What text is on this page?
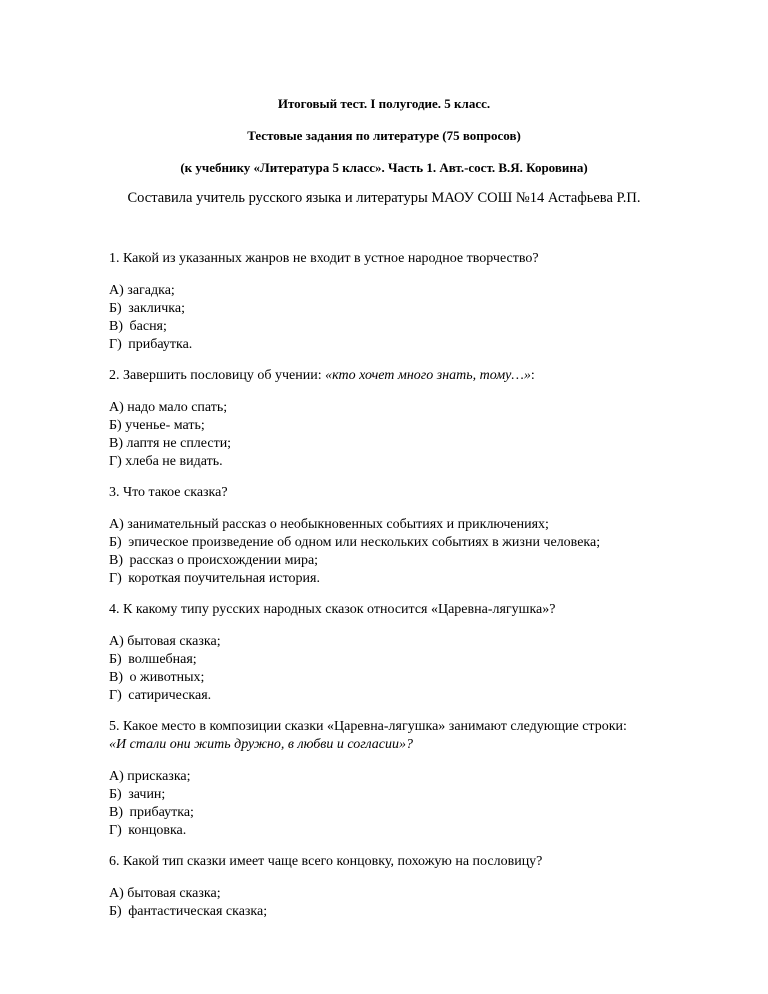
Итоговый тест. I полугодие. 5 класс.
Тестовые задания по литературе (75 вопросов)
(к учебнику «Литература 5 класс». Часть 1. Авт.-сост. В.Я. Коровина)
Составила учитель русского языка и литературы МАОУ СОШ №14 Астафьева Р.П.
1 . Какой из указанных жанров не входит в устное народное творчество?
А ) загадка;
Б ) закличка;
В ) басня;
Г ) прибаутка.
2 . Завершить пословицу об учении: «кто хочет много знать, тому…»:
А ) надо мало спать;
Б ) ученье- мать;
В ) лаптя не сплести;
Г ) хлеба не видать.
3 . Что такое сказка?
А ) занимательный рассказ о необыкновенных событиях и приключениях;
Б ) эпическое произведение об одном или нескольких событиях в жизни человека;
В ) рассказ о происхождении мира;
Г ) короткая поучительная история.
4 . К какому типу русских народных сказок относится «Царевна-лягушка»?
А ) бытовая сказка;
Б ) волшебная;
В ) о животных;
Г ) сатирическая.
5 . Какое место в композиции сказки «Царевна-лягушка» занимают следующие строки:
«И стали они жить дружно, в любви и согласии»?
А ) присказка;
Б ) зачин;
В ) прибаутка;
Г ) концовка.
6 . Какой тип сказки имеет чаще всего концовку, похожую на пословицу?
А ) бытовая сказка;
Б ) фантастическая сказка;
